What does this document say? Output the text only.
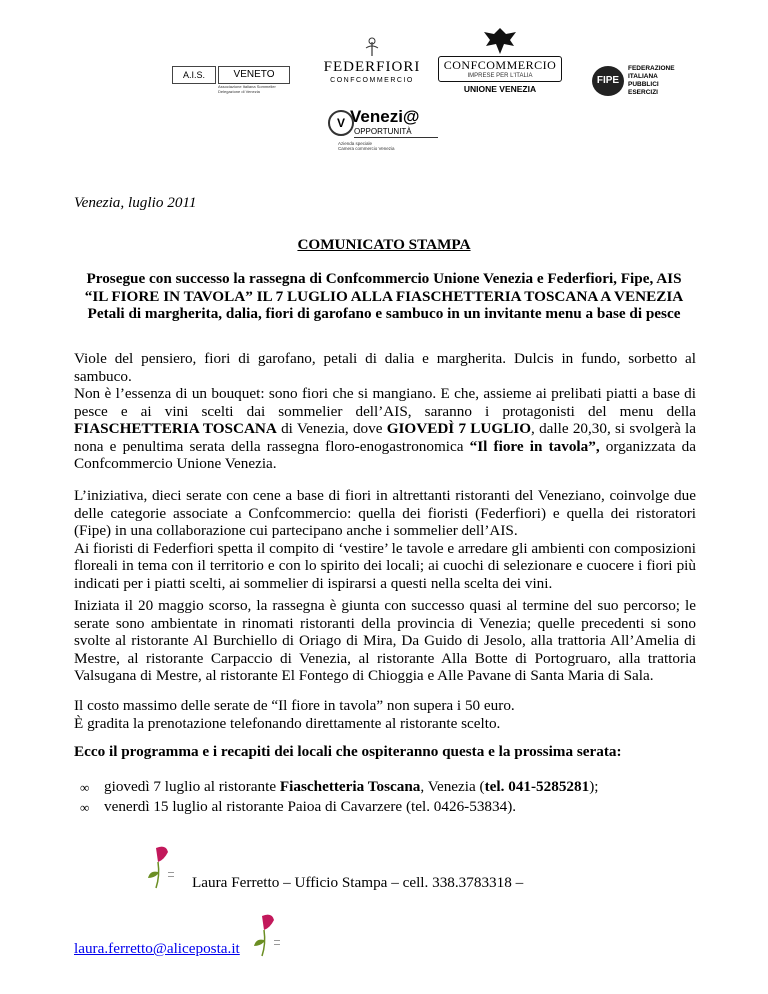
A.I.S.	VENETO
Associazione Italiana Sommelier
Delegazione di Venezia
FEDERFIORI
CONFCOMMERCIO
CONFCOMMERCIO
IMPRESE PER L'ITALIA
UNIONE VENEZIA
FIPE
FEDERAZIONE
ITALIANA
PUBBLICI
ESERCIZI
V Venezi@
OPPORTUNITÀ
Azienda speciale
Camera commercio Venezia
Venezia, luglio 2011
COMUNICATO STAMPA
Prosegue con successo la rassegna di Confcommercio Unione Venezia e Federfiori, Fipe, AIS
“IL FIORE IN TAVOLA” IL 7 LUGLIO ALLA FIASCHETTERIA TOSCANA A VENEZIA
Petali di margherita, dalia, fiori di garofano e sambuco in un invitante menu a base di pesce

Viole del pensiero, fiori di garofano, petali di dalia e margherita. Dulcis in fundo, sorbetto al sambuco.
Non è l’essenza di un bouquet: sono fiori che si mangiano. E che, assieme ai prelibati piatti a base di pesce e ai vini scelti dai sommelier dell’AIS, saranno i protagonisti del menu della FIASCHETTERIA TOSCANA di Venezia, dove GIOVEDÌ 7 LUGLIO, dalle 20,30, si svolgerà la nona e penultima serata della rassegna floro-enogastronomica “Il fiore in tavola”, organizzata da Confcommercio Unione Venezia.

L’iniziativa, dieci serate con cene a base di fiori in altrettanti ristoranti del Veneziano, coinvolge due delle categorie associate a Confcommercio: quella dei fioristi (Federfiori) e quella dei ristoratori (Fipe) in una collaborazione cui partecipano anche i sommelier dell’AIS.
Ai fioristi di Federfiori spetta il compito di ‘vestire’ le tavole e arredare gli ambienti con composizioni floreali in tema con il territorio e con lo spirito dei locali; ai cuochi di selezionare e cuocere i fiori più indicati per i piatti scelti, ai sommelier di ispirarsi a questi nella scelta dei vini.

Iniziata il 20 maggio scorso, la rassegna è giunta con successo quasi al termine del suo percorso; le serate sono ambientate in rinomati ristoranti della provincia di Venezia; quelle precedenti si sono svolte al ristorante Al Burchiello di Oriago di Mira, Da Guido di Jesolo, alla trattoria All’Amelia di Mestre, al ristorante Carpaccio di Venezia, al ristorante Alla Botte di Portogruaro, alla trattoria Valsugana di Mestre, al ristorante El Fontego di Chioggia e Alle Pavane di Santa Maria di Sala.

Il costo massimo delle serate de “Il fiore in tavola” non supera i 50 euro.
È gradita la prenotazione telefonando direttamente al ristorante scelto.

Ecco il programma e i recapiti dei locali che ospiteranno questa e la prossima serata:
∞ giovedì 7 luglio al ristorante Fiaschetteria Toscana, Venezia (tel. 041-5285281);
∞ venerdì 15 luglio al ristorante Paioa di Cavarzere (tel. 0426-53834).
Laura Ferretto – Ufficio Stampa – cell. 338.3783318 –
laura.ferretto@aliceposta.it
